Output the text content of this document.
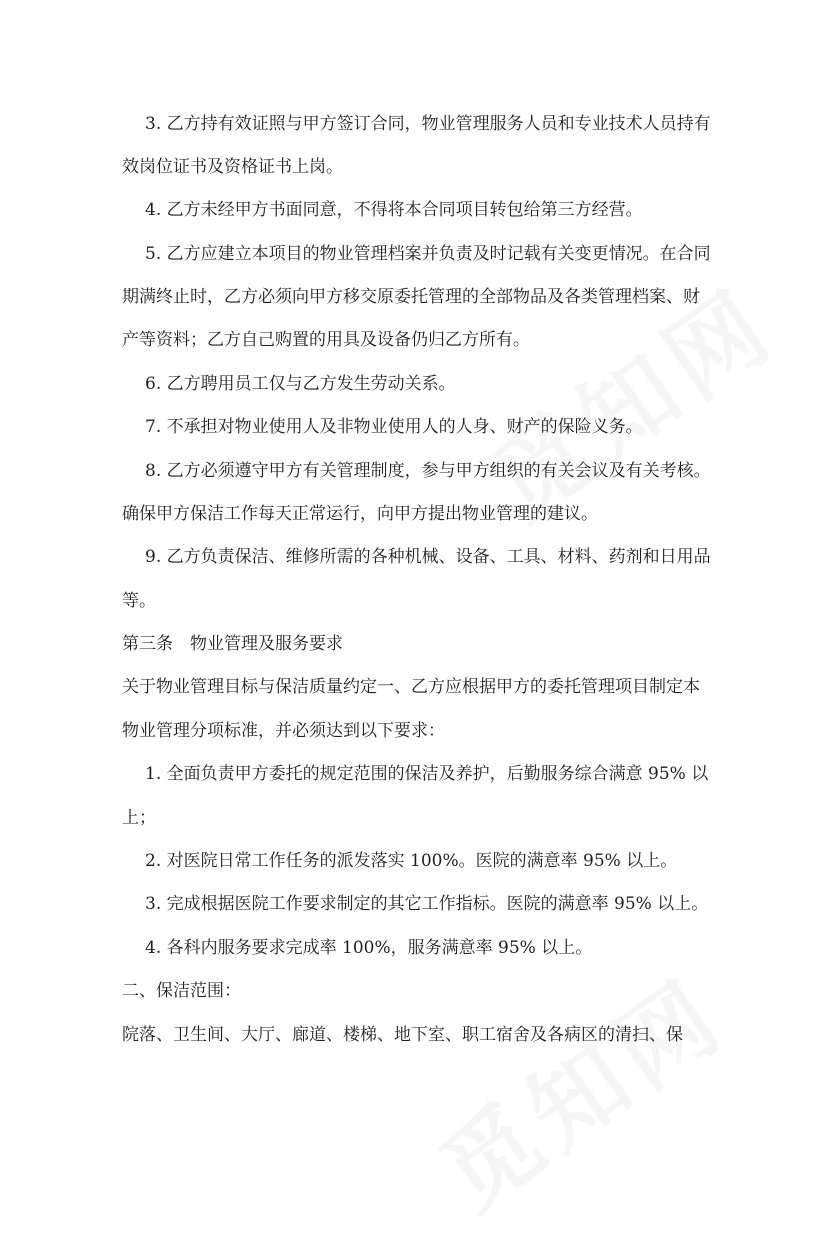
3. 乙方持有效证照与甲方签订合同，物业管理服务人员和专业技术人员持有

效岗位证书及资格证书上岗。

4. 乙方未经甲方书面同意，不得将本合同项目转包给第三方经营。

5. 乙方应建立本项目的物业管理档案并负责及时记载有关变更情况。在合同

期满终止时，乙方必须向甲方移交原委托管理的全部物品及各类管理档案、财

产等资料；乙方自己购置的用具及设备仍归乙方所有。

6. 乙方聘用员工仅与乙方发生劳动关系。

7. 不承担对物业使用人及非物业使用人的人身、财产的保险义务。

8. 乙方必须遵守甲方有关管理制度，参与甲方组织的有关会议及有关考核。

确保甲方保洁工作每天正常运行，向甲方提出物业管理的建议。

9. 乙方负责保洁、维修所需的各种机械、设备、工具、材料、药剂和日用品

等。

第三条　物业管理及服务要求

关于物业管理目标与保洁质量约定一、乙方应根据甲方的委托管理项目制定本

物业管理分项标准，并必须达到以下要求：

1. 全面负责甲方委托的规定范围的保洁及养护，后勤服务综合满意 95% 以

上；

2. 对医院日常工作任务的派发落实 100%。医院的满意率 95% 以上。

3. 完成根据医院工作要求制定的其它工作指标。医院的满意率 95% 以上。

4. 各科内服务要求完成率 100%，服务满意率 95% 以上。

二、保洁范围：

院落、卫生间、大厅、廊道、楼梯、地下室、职工宿舍及各病区的清扫、保
